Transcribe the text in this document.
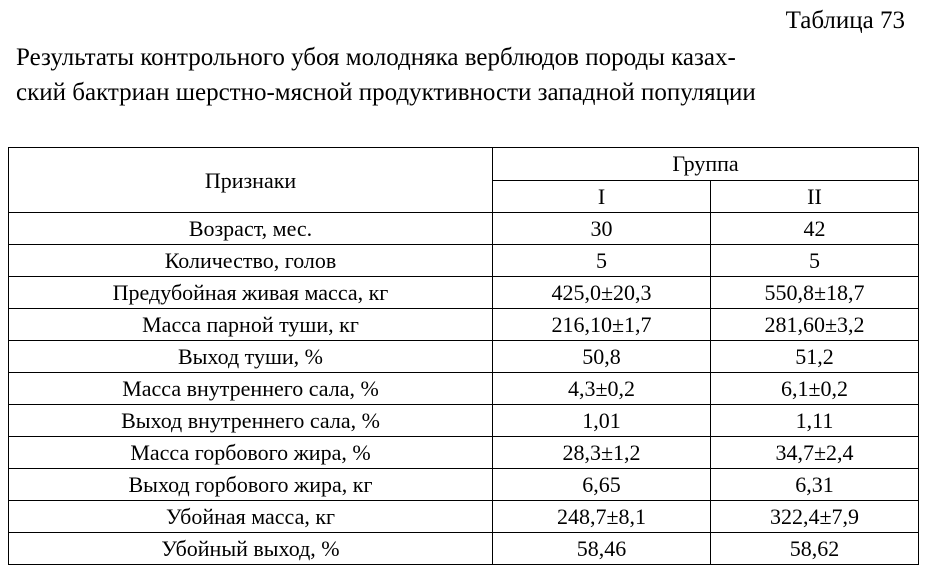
Таблица 73
Результаты контрольного убоя молодняка верблюдов породы казах-
ский бактриан шерстно-мясной продуктивности западной популяции
Признаки	Группа	
	I	II
Возраст, мес.	30	42
Количество, голов	5	5
Предубойная живая масса, кг	425,0±20,3	550,8±18,7
Масса парной туши, кг	216,10±1,7	281,60±3,2
Выход туши, %	50,8	51,2
Масса внутреннего сала, %	4,3±0,2	6,1±0,2
Выход внутреннего сала, %	1,01	1,11
Масса горбового жира, %	28,3±1,2	34,7±2,4
Выход горбового жира, кг	6,65	6,31
Убойная масса, кг	248,7±8,1	322,4±7,9
Убойный выход, %	58,46	58,62
